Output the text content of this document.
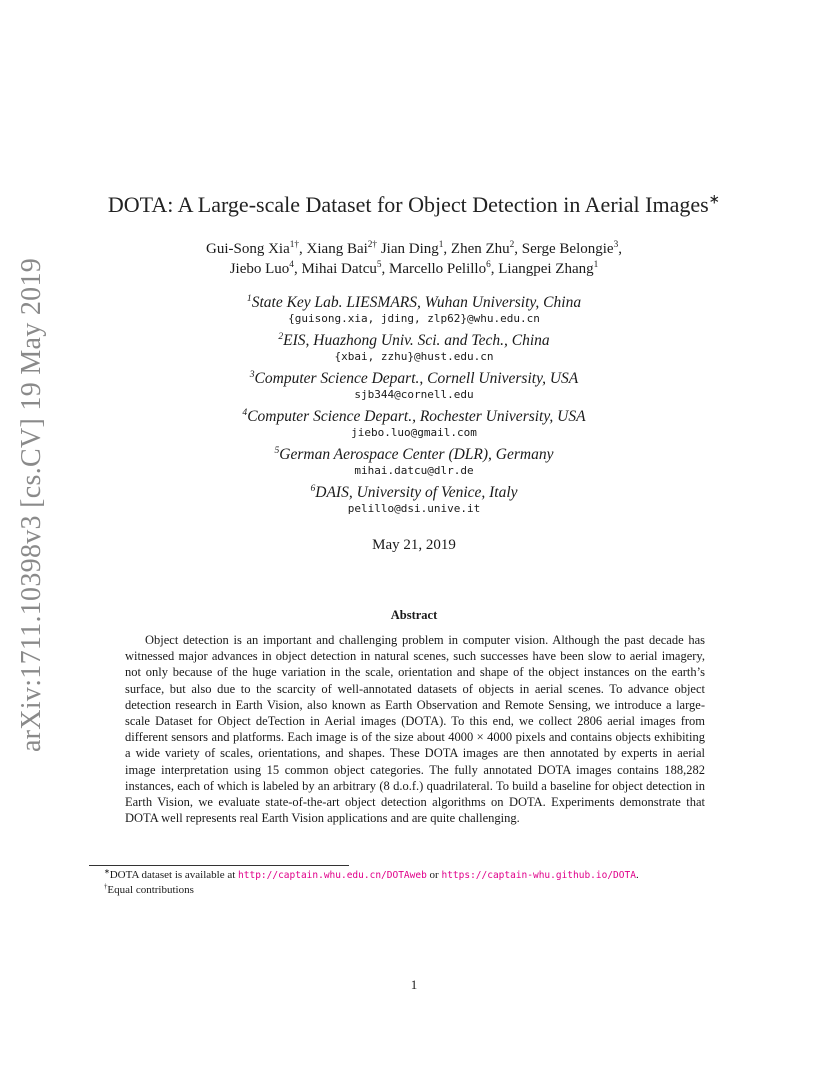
arXiv:1711.10398v3 [cs.CV] 19 May 2019
DOTA: A Large-scale Dataset for Object Detection in Aerial Images∗
Gui-Song Xia$^{1\dagger}$, Xiang Bai$^{2\dagger}$ Jian Ding$^1$, Zhen Zhu$^2$, Serge Belongie$^3$,
Jiebo Luo$^4$, Mihai Datcu$^5$, Marcello Pelillo$^6$, Liangpei Zhang$^1$
$^1$State Key Lab. LIESMARS, Wuhan University, China
{guisong.xia, jding, zlp62}@whu.edu.cn
$^2$EIS, Huazhong Univ. Sci. and Tech., China
{xbai, zzhu}@hust.edu.cn
$^3$Computer Science Depart., Cornell University, USA
sjb344@cornell.edu
$^4$Computer Science Depart., Rochester University, USA
jiebo.luo@gmail.com
$^5$German Aerospace Center (DLR), Germany
mihai.datcu@dlr.de
$^6$DAIS, University of Venice, Italy
pelillo@dsi.unive.it
May 21, 2019
Abstract

Object detection is an important and challenging problem in computer vision. Although the past decade has witnessed major advances in object detection in natural scenes, such successes have been slow to aerial imagery, not only because of the huge variation in the scale, orientation and shape of the object instances on the earth’s surface, but also due to the scarcity of well-annotated datasets of objects in aerial scenes. To advance object detection research in Earth Vision, also known as Earth Observation and Remote Sensing, we introduce a large-scale Dataset for Object deTection in Aerial images (DOTA). To this end, we collect 2806 aerial images from different sensors and platforms. Each image is of the size about 4000 × 4000 pixels and contains objects exhibiting a wide variety of scales, orientations, and shapes. These DOTA images are then annotated by experts in aerial image interpretation using 15 common object categories. The fully annotated DOTA images contains 188,282 instances, each of which is labeled by an arbitrary (8 d.o.f.) quadrilateral. To build a baseline for object detection in Earth Vision, we evaluate state-of-the-art object detection algorithms on DOTA. Experiments demonstrate that DOTA well represents real Earth Vision applications and are quite challenging.

∗DOTA dataset is available at http://captain.whu.edu.cn/DOTAweb or https://captain-whu.github.io/DOTA.
†Equal contributions
1
